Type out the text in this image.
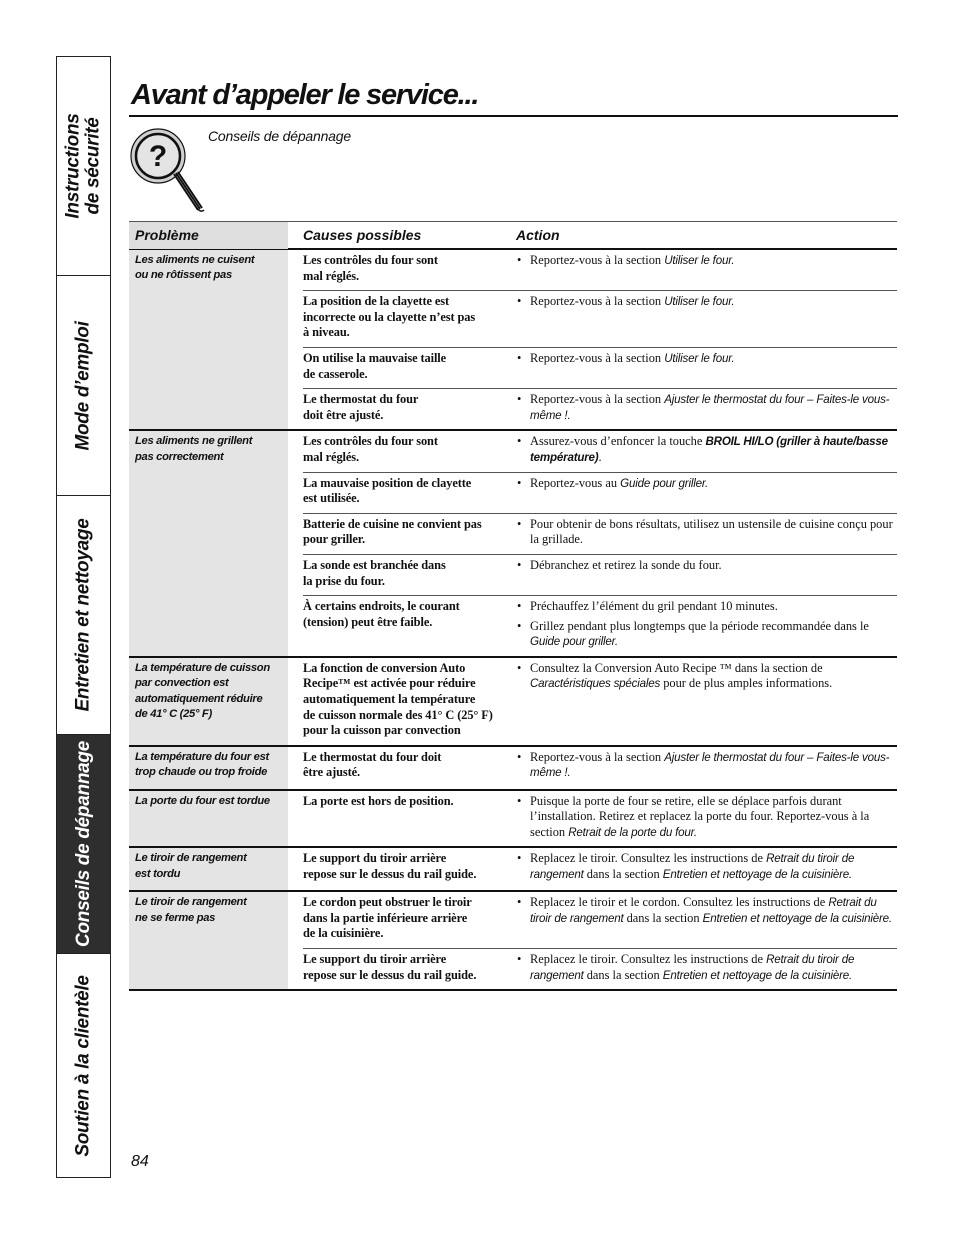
Instructions de sécurité
Mode d’emploi
Entretien et nettoyage
Conseils de dépannage
Soutien à la clientèle
Avant d’appeler le service...
?
Conseils de dépannage
Problème	Causes possibles	Action
Les aliments ne cuisent
ou ne rôtissent pas
Les contrôles du four sont
mal réglés.
• Reportez-vous à la section Utiliser le four.
La position de la clayette est
incorrecte ou la clayette n’est pas
à niveau.
• Reportez-vous à la section Utiliser le four.
On utilise la mauvaise taille
de casserole.
• Reportez-vous à la section Utiliser le four.
Le thermostat du four
doit être ajusté.
• Reportez-vous à la section Ajuster le thermostat du four – Faites-le vous-même !.
Les aliments ne grillent
pas correctement
Les contrôles du four sont
mal réglés.
• Assurez-vous d’enfoncer la touche BROIL HI/LO (griller à haute/basse température).
La mauvaise position de clayette
est utilisée.
• Reportez-vous au Guide pour griller.
Batterie de cuisine ne convient pas
pour griller.
• Pour obtenir de bons résultats, utilisez un ustensile de cuisine conçu pour la grillade.
La sonde est branchée dans
la prise du four.
• Débranchez et retirez la sonde du four.
À certains endroits, le courant
(tension) peut être faible.
• Préchauffez l’élément du gril pendant 10 minutes.
• Grillez pendant plus longtemps que la période recommandée dans le Guide pour griller.
La température de cuisson
par convection est
automatiquement réduire
de 41° C (25° F)
La fonction de conversion Auto
Recipe™ est activée pour réduire
automatiquement la température
de cuisson normale des 41° C (25° F)
pour la cuisson par convection
• Consultez la Conversion Auto Recipe ™ dans la section de Caractéristiques spéciales pour de plus amples informations.
La température du four est
trop chaude ou trop froide
Le thermostat du four doit
être ajusté.
• Reportez-vous à la section Ajuster le thermostat du four – Faites-le vous-même !.
La porte du four est tordue	La porte est hors de position.
•	Puisque la porte de four se retire, elle se déplace parfois durant l’installation. Retirez et replacez la porte du four. Reportez-vous à la section Retrait de la porte du four.
Le tiroir de rangement
est tordu
Le support du tiroir arrière
repose sur le dessus du rail guide.
• Replacez le tiroir. Consultez les instructions de Retrait du tiroir de rangement dans la section Entretien et nettoyage de la cuisinière.
Le tiroir de rangement
ne se ferme pas
Le cordon peut obstruer le tiroir
dans la partie inférieure arrière
de la cuisinière.
• Replacez le tiroir et le cordon. Consultez les instructions de Retrait du tiroir de rangement dans la section Entretien et nettoyage de la cuisinière.
Le support du tiroir arrière
repose sur le dessus du rail guide.
• Replacez le tiroir. Consultez les instructions de Retrait du tiroir de rangement dans la section Entretien et nettoyage de la cuisinière.
84
